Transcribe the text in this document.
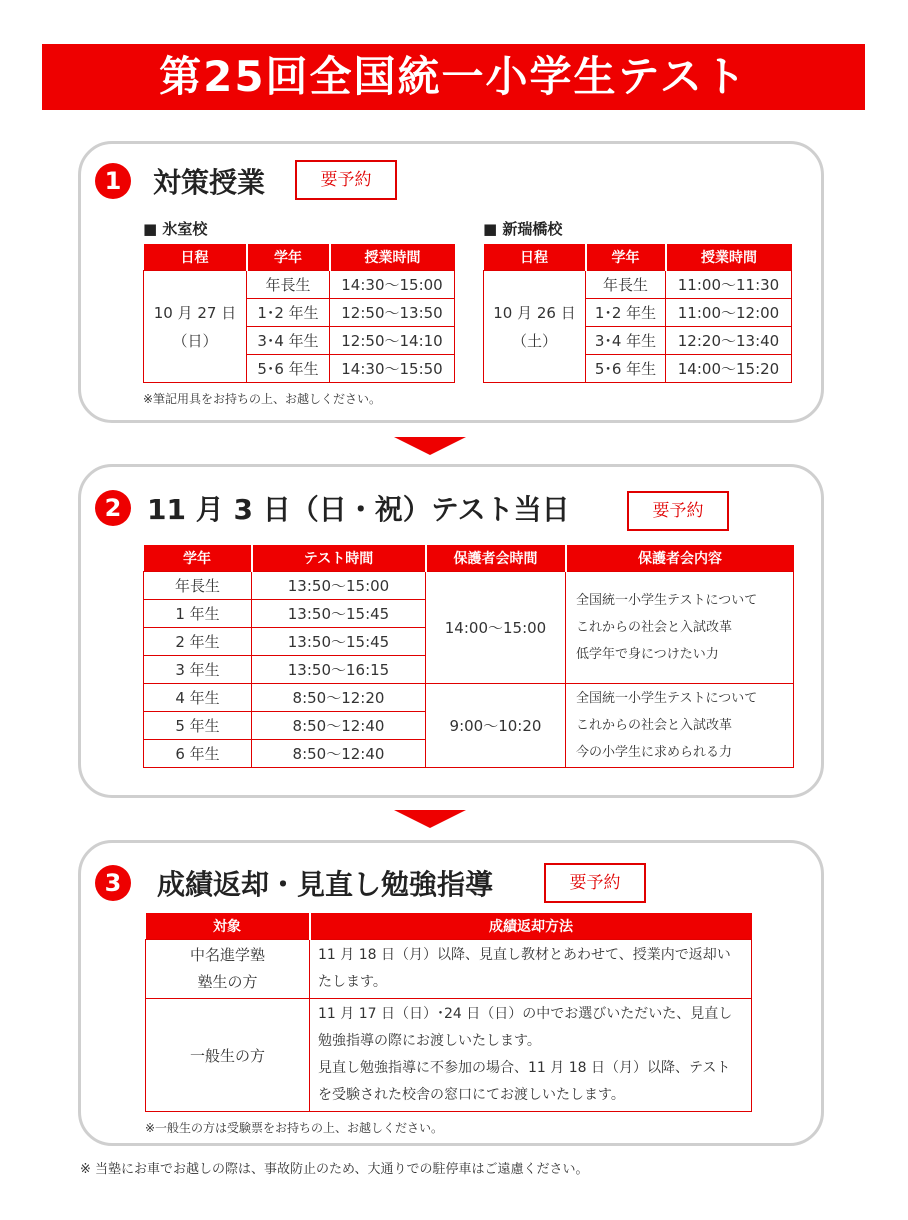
第25回全国統一小学生テスト
1	対策授業	要予約
■ 氷室校
日程	学年	授業時間
10 月 27 日
（日）	年長生	14:30〜15:00
	1･2 年生	12:50〜13:50
	3･4 年生	12:50〜14:10
	5･6 年生	14:30〜15:50
■ 新瑞橋校
日程	学年	授業時間
10 月 26 日
（土）	年長生	11:00〜11:30
	1･2 年生	11:00〜12:00
	3･4 年生	12:20〜13:40
	5･6 年生	14:00〜15:20
※筆記用具をお持ちの上、お越しください。
2 11 月 3 日（日・祝）テスト当日	要予約
学年	テスト時間	保護者会時間	保護者会内容
年長生	13:50〜15:00	14:00〜15:00	全国統一小学生テストについて
これからの社会と入試改革
低学年で身につけたい力
1 年生	13:50〜15:45		
2 年生	13:50〜15:45		
3 年生	13:50〜16:15		
4 年生	8:50〜12:20	9:00〜10:20	全国統一小学生テストについて
これからの社会と入試改革
今の小学生に求められる力
5 年生	8:50〜12:40		
6 年生	8:50〜12:40		
3	成績返却・見直し勉強指導	要予約
対象	成績返却方法
中名進学塾
塾生の方	11 月 18 日（月）以降、見直し教材とあわせて、授業内で返却いたします。
一般生の方	11 月 17 日（日）･24 日（日）の中でお選びいただいた、見直し勉強指導の際にお渡しいたします。
見直し勉強指導に不参加の場合、11 月 18 日（月）以降、テストを受験された校舎の窓口にてお渡しいたします。
※一般生の方は受験票をお持ちの上、お越しください。
※ 当塾にお車でお越しの際は、事故防止のため、大通りでの駐停車はご遠慮ください。
